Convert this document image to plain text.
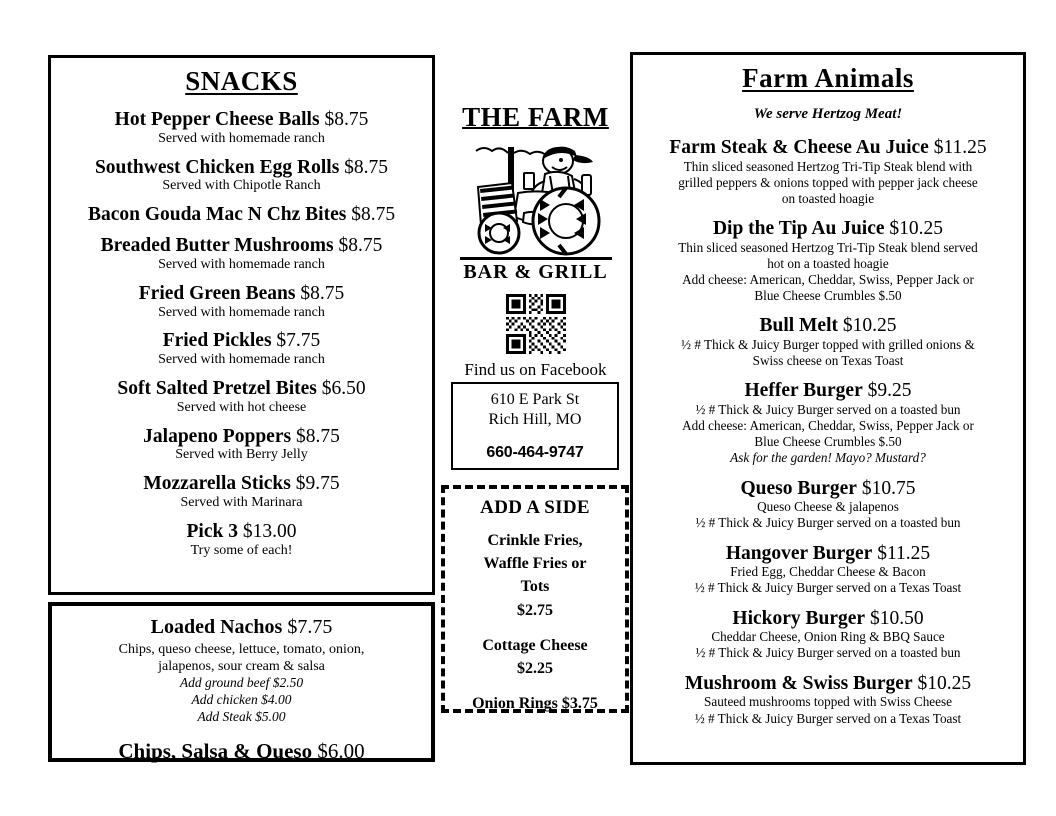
SNACKS
Hot Pepper Cheese Balls $8.75
Served with homemade ranch
Southwest Chicken Egg Rolls $8.75
Served with Chipotle Ranch
Bacon Gouda Mac N Chz Bites $8.75
Breaded Butter Mushrooms $8.75
Served with homemade ranch
Fried Green Beans $8.75
Served with homemade ranch
Fried Pickles $7.75
Served with homemade ranch
Soft Salted Pretzel Bites $6.50
Served with hot cheese
Jalapeno Poppers $8.75
Served with Berry Jelly
Mozzarella Sticks $9.75
Served with Marinara
Pick 3 $13.00
Try some of each!
Loaded Nachos $7.75
Chips, queso cheese, lettuce, tomato, onion,
jalapenos, sour cream & salsa
Add ground beef $2.50
Add chicken $4.00
Add Steak $5.00
Chips, Salsa & Queso $6.00
THE FARM
BAR & GRILL
Find us on Facebook
610 E Park St
Rich Hill, MO
660-464-9747
ADD A SIDE
Crinkle Fries,
Waffle Fries or
Tots
$2.75
Cottage Cheese
$2.25
Onion Rings $3.75
Farm Animals
We serve Hertzog Meat!
Farm Steak & Cheese Au Juice $11.25
Thin sliced seasoned Hertzog Tri-Tip Steak blend with
grilled peppers & onions topped with pepper jack cheese
on toasted hoagie
Dip the Tip Au Juice $10.25
Thin sliced seasoned Hertzog Tri-Tip Steak blend served
hot on a toasted hoagie
Add cheese: American, Cheddar, Swiss, Pepper Jack or
Blue Cheese Crumbles $.50
Bull Melt $10.25
½ # Thick & Juicy Burger topped with grilled onions &
Swiss cheese on Texas Toast
Heffer Burger $9.25
½ # Thick & Juicy Burger served on a toasted bun
Add cheese: American, Cheddar, Swiss, Pepper Jack or
Blue Cheese Crumbles $.50
Ask for the garden! Mayo? Mustard?
Queso Burger $10.75
Queso Cheese & jalapenos
½ # Thick & Juicy Burger served on a toasted bun
Hangover Burger $11.25
Fried Egg, Cheddar Cheese & Bacon
½ # Thick & Juicy Burger served on a Texas Toast
Hickory Burger $10.50
Cheddar Cheese, Onion Ring & BBQ Sauce
½ # Thick & Juicy Burger served on a toasted bun
Mushroom & Swiss Burger $10.25
Sauteed mushrooms topped with Swiss Cheese
½ # Thick & Juicy Burger served on a Texas Toast
